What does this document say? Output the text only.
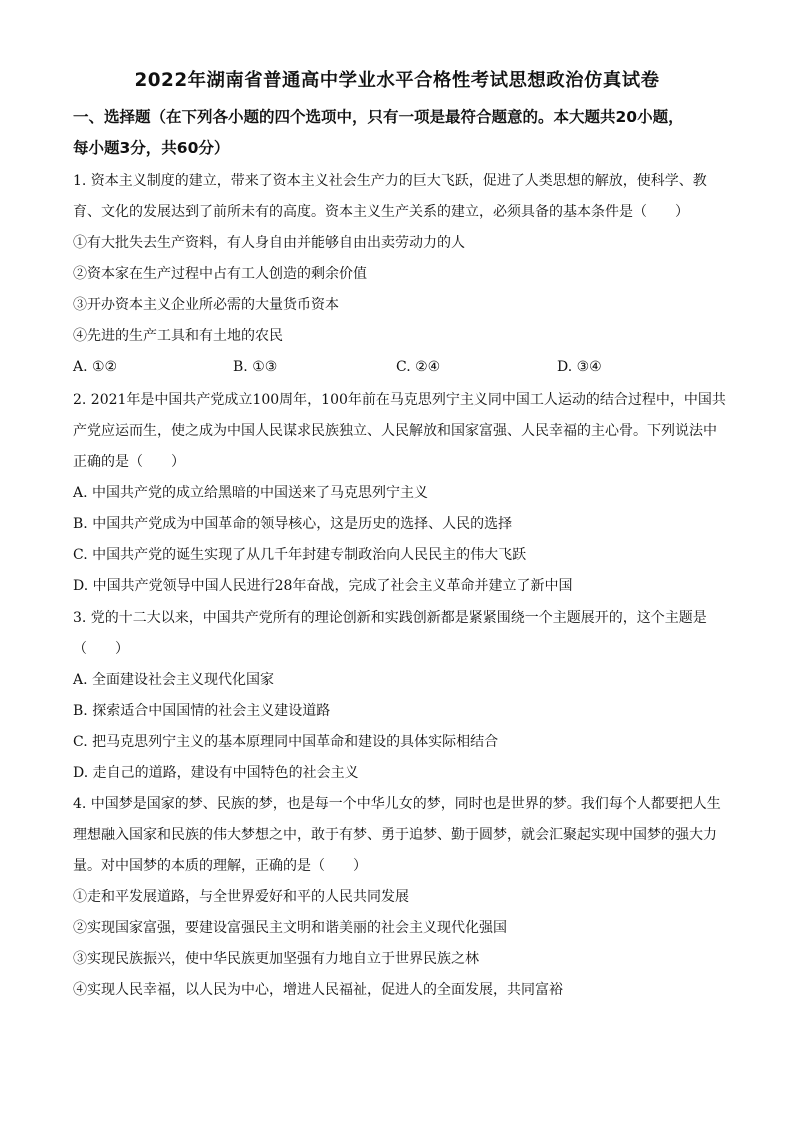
2022年湖南省普通高中学业水平合格性考试思想政治仿真试卷
一、选择题（在下列各小题的四个选项中，只有一项是最符合题意的。本大题共20小题，
每小题3分，共60分）
1. 资本主义制度的建立，带来了资本主义社会生产力的巨大飞跃，促进了人类思想的解放，使科学、教
育、文化的发展达到了前所未有的高度。资本主义生产关系的建立，必须具备的基本条件是（　　）
①有大批失去生产资料，有人身自由并能够自由出卖劳动力的人
②资本家在生产过程中占有工人创造的剩余价值
③开办资本主义企业所必需的大量货币资本
④先进的生产工具和有土地的农民
A. ①②	B. ①③	C. ②④	D. ③④
2. 2021年是中国共产党成立100周年，100年前在马克思列宁主义同中国工人运动的结合过程中，中国共
产党应运而生，使之成为中国人民谋求民族独立、人民解放和国家富强、人民幸福的主心骨。下列说法中
正确的是（　　）
A. 中国共产党的成立给黑暗的中国送来了马克思列宁主义
B. 中国共产党成为中国革命的领导核心，这是历史的选择、人民的选择
C. 中国共产党的诞生实现了从几千年封建专制政治向人民民主的伟大飞跃
D. 中国共产党领导中国人民进行28年奋战，完成了社会主义革命并建立了新中国
3. 党的十二大以来，中国共产党所有的理论创新和实践创新都是紧紧围绕一个主题展开的，这个主题是
（　　）
A. 全面建设社会主义现代化国家
B. 探索适合中国国情的社会主义建设道路
C. 把马克思列宁主义的基本原理同中国革命和建设的具体实际相结合
D. 走自己的道路，建设有中国特色的社会主义
4. 中国梦是国家的梦、民族的梦，也是每一个中华儿女的梦，同时也是世界的梦。我们每个人都要把人生
理想融入国家和民族的伟大梦想之中，敢于有梦、勇于追梦、勤于圆梦，就会汇聚起实现中国梦的强大力
量。对中国梦的本质的理解，正确的是（　　）
①走和平发展道路，与全世界爱好和平的人民共同发展
②实现国家富强，要建设富强民主文明和谐美丽的社会主义现代化强国
③实现民族振兴，使中华民族更加坚强有力地自立于世界民族之林
④实现人民幸福，以人民为中心，增进人民福祉，促进人的全面发展，共同富裕
